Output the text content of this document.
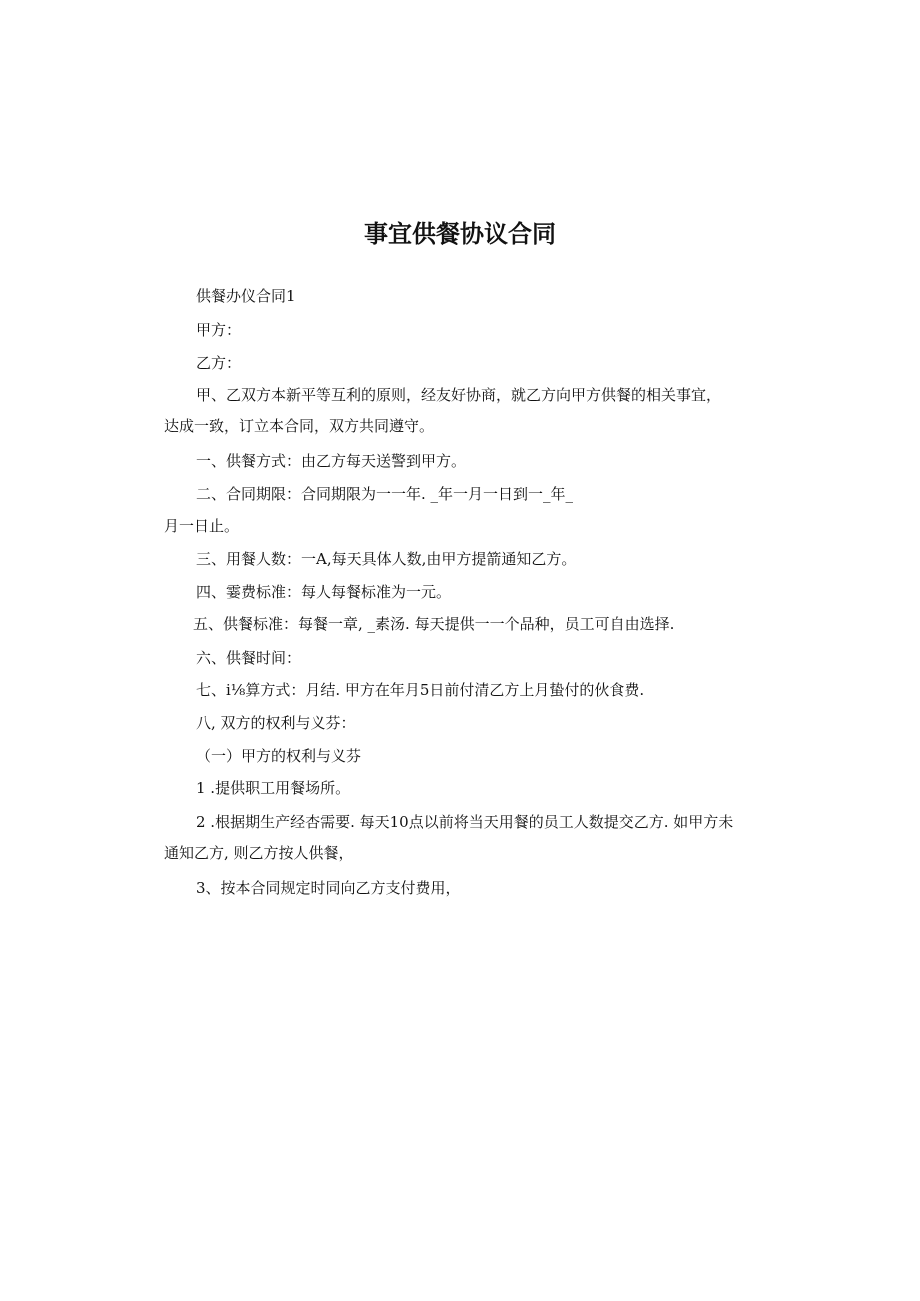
事宜供餐协议合同

供餐办仪合同1

甲方：

乙方：

甲、乙双方本新平等互利的原则，经友好协商，就乙方向甲方供餐的相关事宜，

达成一致，订立本合同，双方共同遵守。

一、供餐方式：由乙方每天送警到甲方。

二、合同期限：合同期限为一一年. _年一月一日到一_年_

月一日止。

三、用餐人数：一A,每天具体人数,由甲方提箭通知乙方。

四、霎费标准：每人每餐标准为一元。

五、供餐标准：每餐一章, _素汤. 每天提供一一个品种，员工可自由选择.

六、供餐时间：

七、i⅛算方式：月结. 甲方在年月5日前付清乙方上月蛰付的伙食费.

八, 双方的权利与义芬：

（一）甲方的权利与义芬

1 .提供职工用餐场所。

2 .根据期生产经杏需要. 每天10点以前将当天用餐的员工人数提交乙方. 如甲方未

通知乙方, 则乙方按人供餐，

3、按本合同规定时同向乙方支付费用，
